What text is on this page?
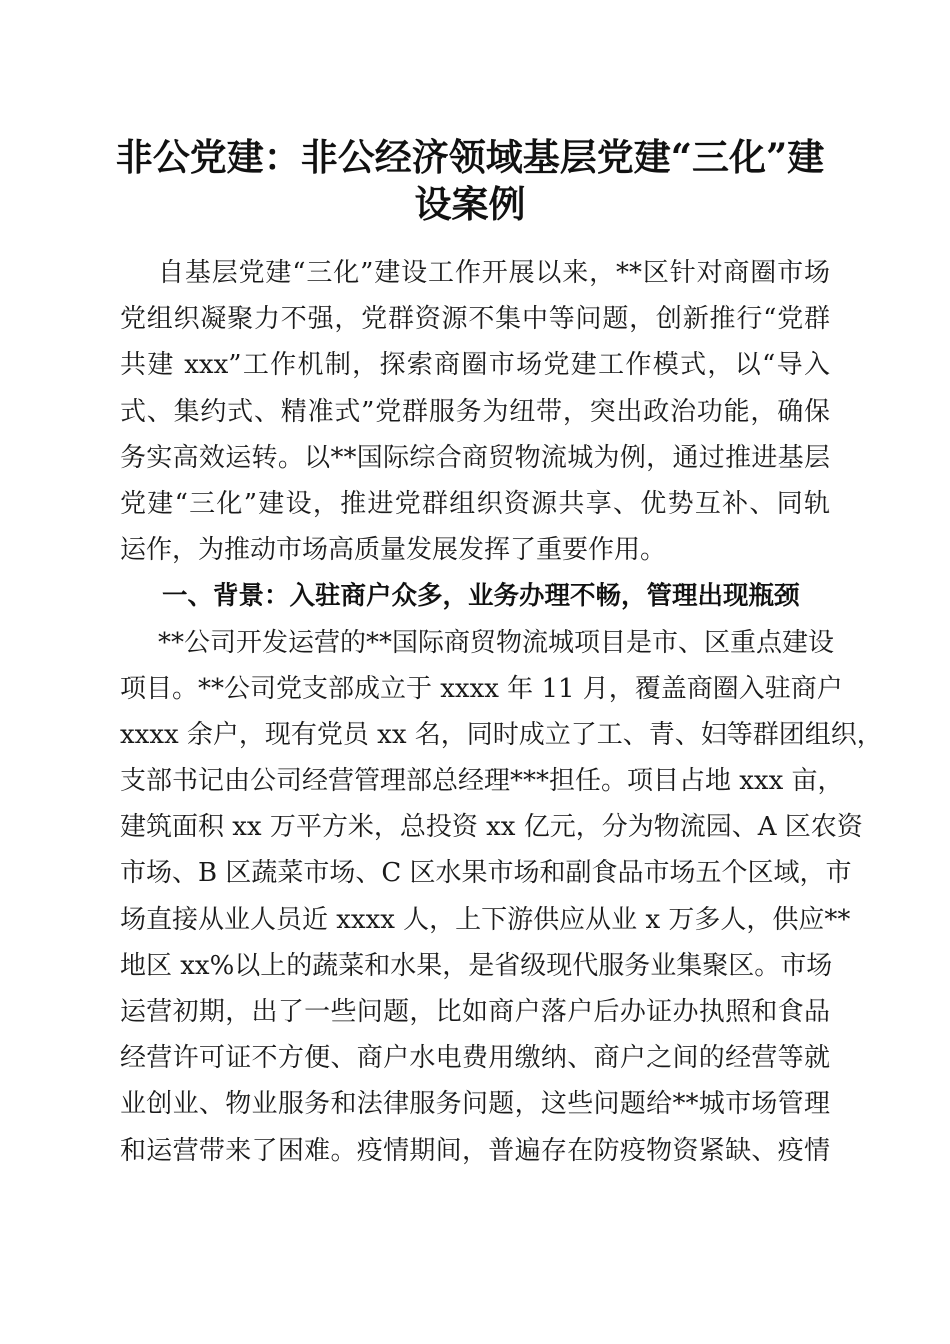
非公党建：非公经济领域基层党建“三化”建
设案例
自基层党建“三化”建设工作开展以来，**区针对商圈市场
党组织凝聚力不强，党群资源不集中等问题，创新推行“党群
共建 xxx”工作机制，探索商圈市场党建工作模式，以“导入
式、集约式、精准式”党群服务为纽带，突出政治功能，确保
务实高效运转。以**国际综合商贸物流城为例，通过推进基层
党建“三化”建设，推进党群组织资源共享、优势互补、同轨
运作，为推动市场高质量发展发挥了重要作用。
一、背景：入驻商户众多，业务办理不畅，管理出现瓶颈
**公司开发运营的**国际商贸物流城项目是市、区重点建设
项目。**公司党支部成立于 xxxx 年 11 月，覆盖商圈入驻商户
xxxx 余户，现有党员 xx 名，同时成立了工、青、妇等群团组织，
支部书记由公司经营管理部总经理***担任。项目占地 xxx 亩，
建筑面积 xx 万平方米，总投资 xx 亿元，分为物流园、A 区农资
市场、B 区蔬菜市场、C 区水果市场和副食品市场五个区域，市
场直接从业人员近 xxxx 人，上下游供应从业 x 万多人，供应**
地区 xx%以上的蔬菜和水果，是省级现代服务业集聚区。市场
运营初期，出了一些问题，比如商户落户后办证办执照和食品
经营许可证不方便、商户水电费用缴纳、商户之间的经营等就
业创业、物业服务和法律服务问题，这些问题给**城市场管理
和运营带来了困难。疫情期间，普遍存在防疫物资紧缺、疫情
